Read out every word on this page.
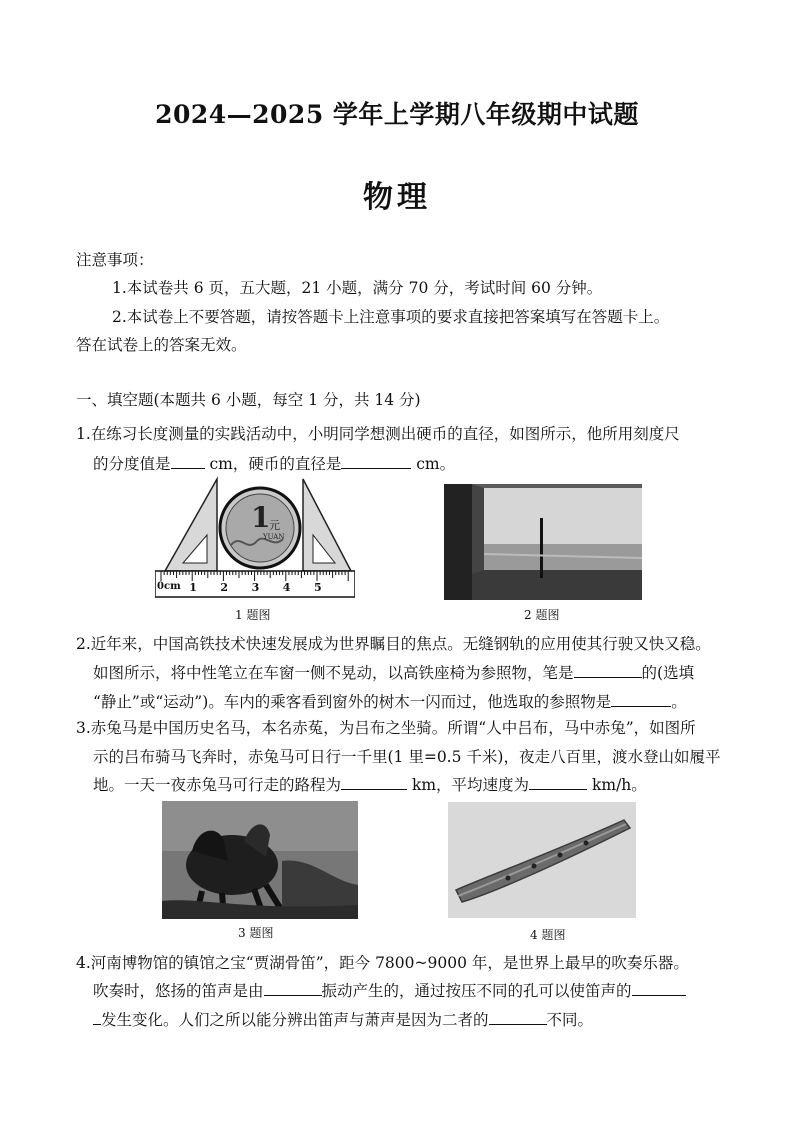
2024—2025 学年上学期八年级期中试题
物理
注意事项：
1.本试卷共 6 页，五大题，21 小题，满分 70 分，考试时间 60 分钟。
2.本试卷上不要答题，请按答题卡上注意事项的要求直接把答案填写在答题卡上。
答在试卷上的答案无效。
一、填空题(本题共 6 小题，每空 1 分，共 14 分)
1.在练习长度测量的实践活动中，小明同学想测出硬币的直径，如图所示，他所用刻度尺
的分度值是 cm，硬币的直径是	cm。
1
元
YUAN
cm 1 2 3 4 5
0
1 题图	2 题图
2.近年来，中国高铁技术快速发展成为世界瞩目的焦点。无缝钢轨的应用使其行驶又快又稳。
如图所示，将中性笔立在车窗一侧不晃动，以高铁座椅为参照物，笔是	的(选填
“静止”或“运动”)。车内的乘客看到窗外的树木一闪而过，他选取的参照物是	。
3.赤兔马是中国历史名马，本名赤菟，为吕布之坐骑。所谓“人中吕布，马中赤兔”，如图所
示的吕布骑马飞奔时，赤兔马可日行一千里(1 里=0.5 千米)，夜走八百里，渡水登山如履平
地。一天一夜赤兔马可行走的路程为	km，平均速度为	km/h。
3 题图	4 题图
4.河南博物馆的镇馆之宝“贾湖骨笛”，距今 7800~9000 年，是世界上最早的吹奏乐器。
吹奏时，悠扬的笛声是由	振动产生的，通过按压不同的孔可以使笛声的
发生变化。人们之所以能分辨出笛声与萧声是因为二者的	不同。
